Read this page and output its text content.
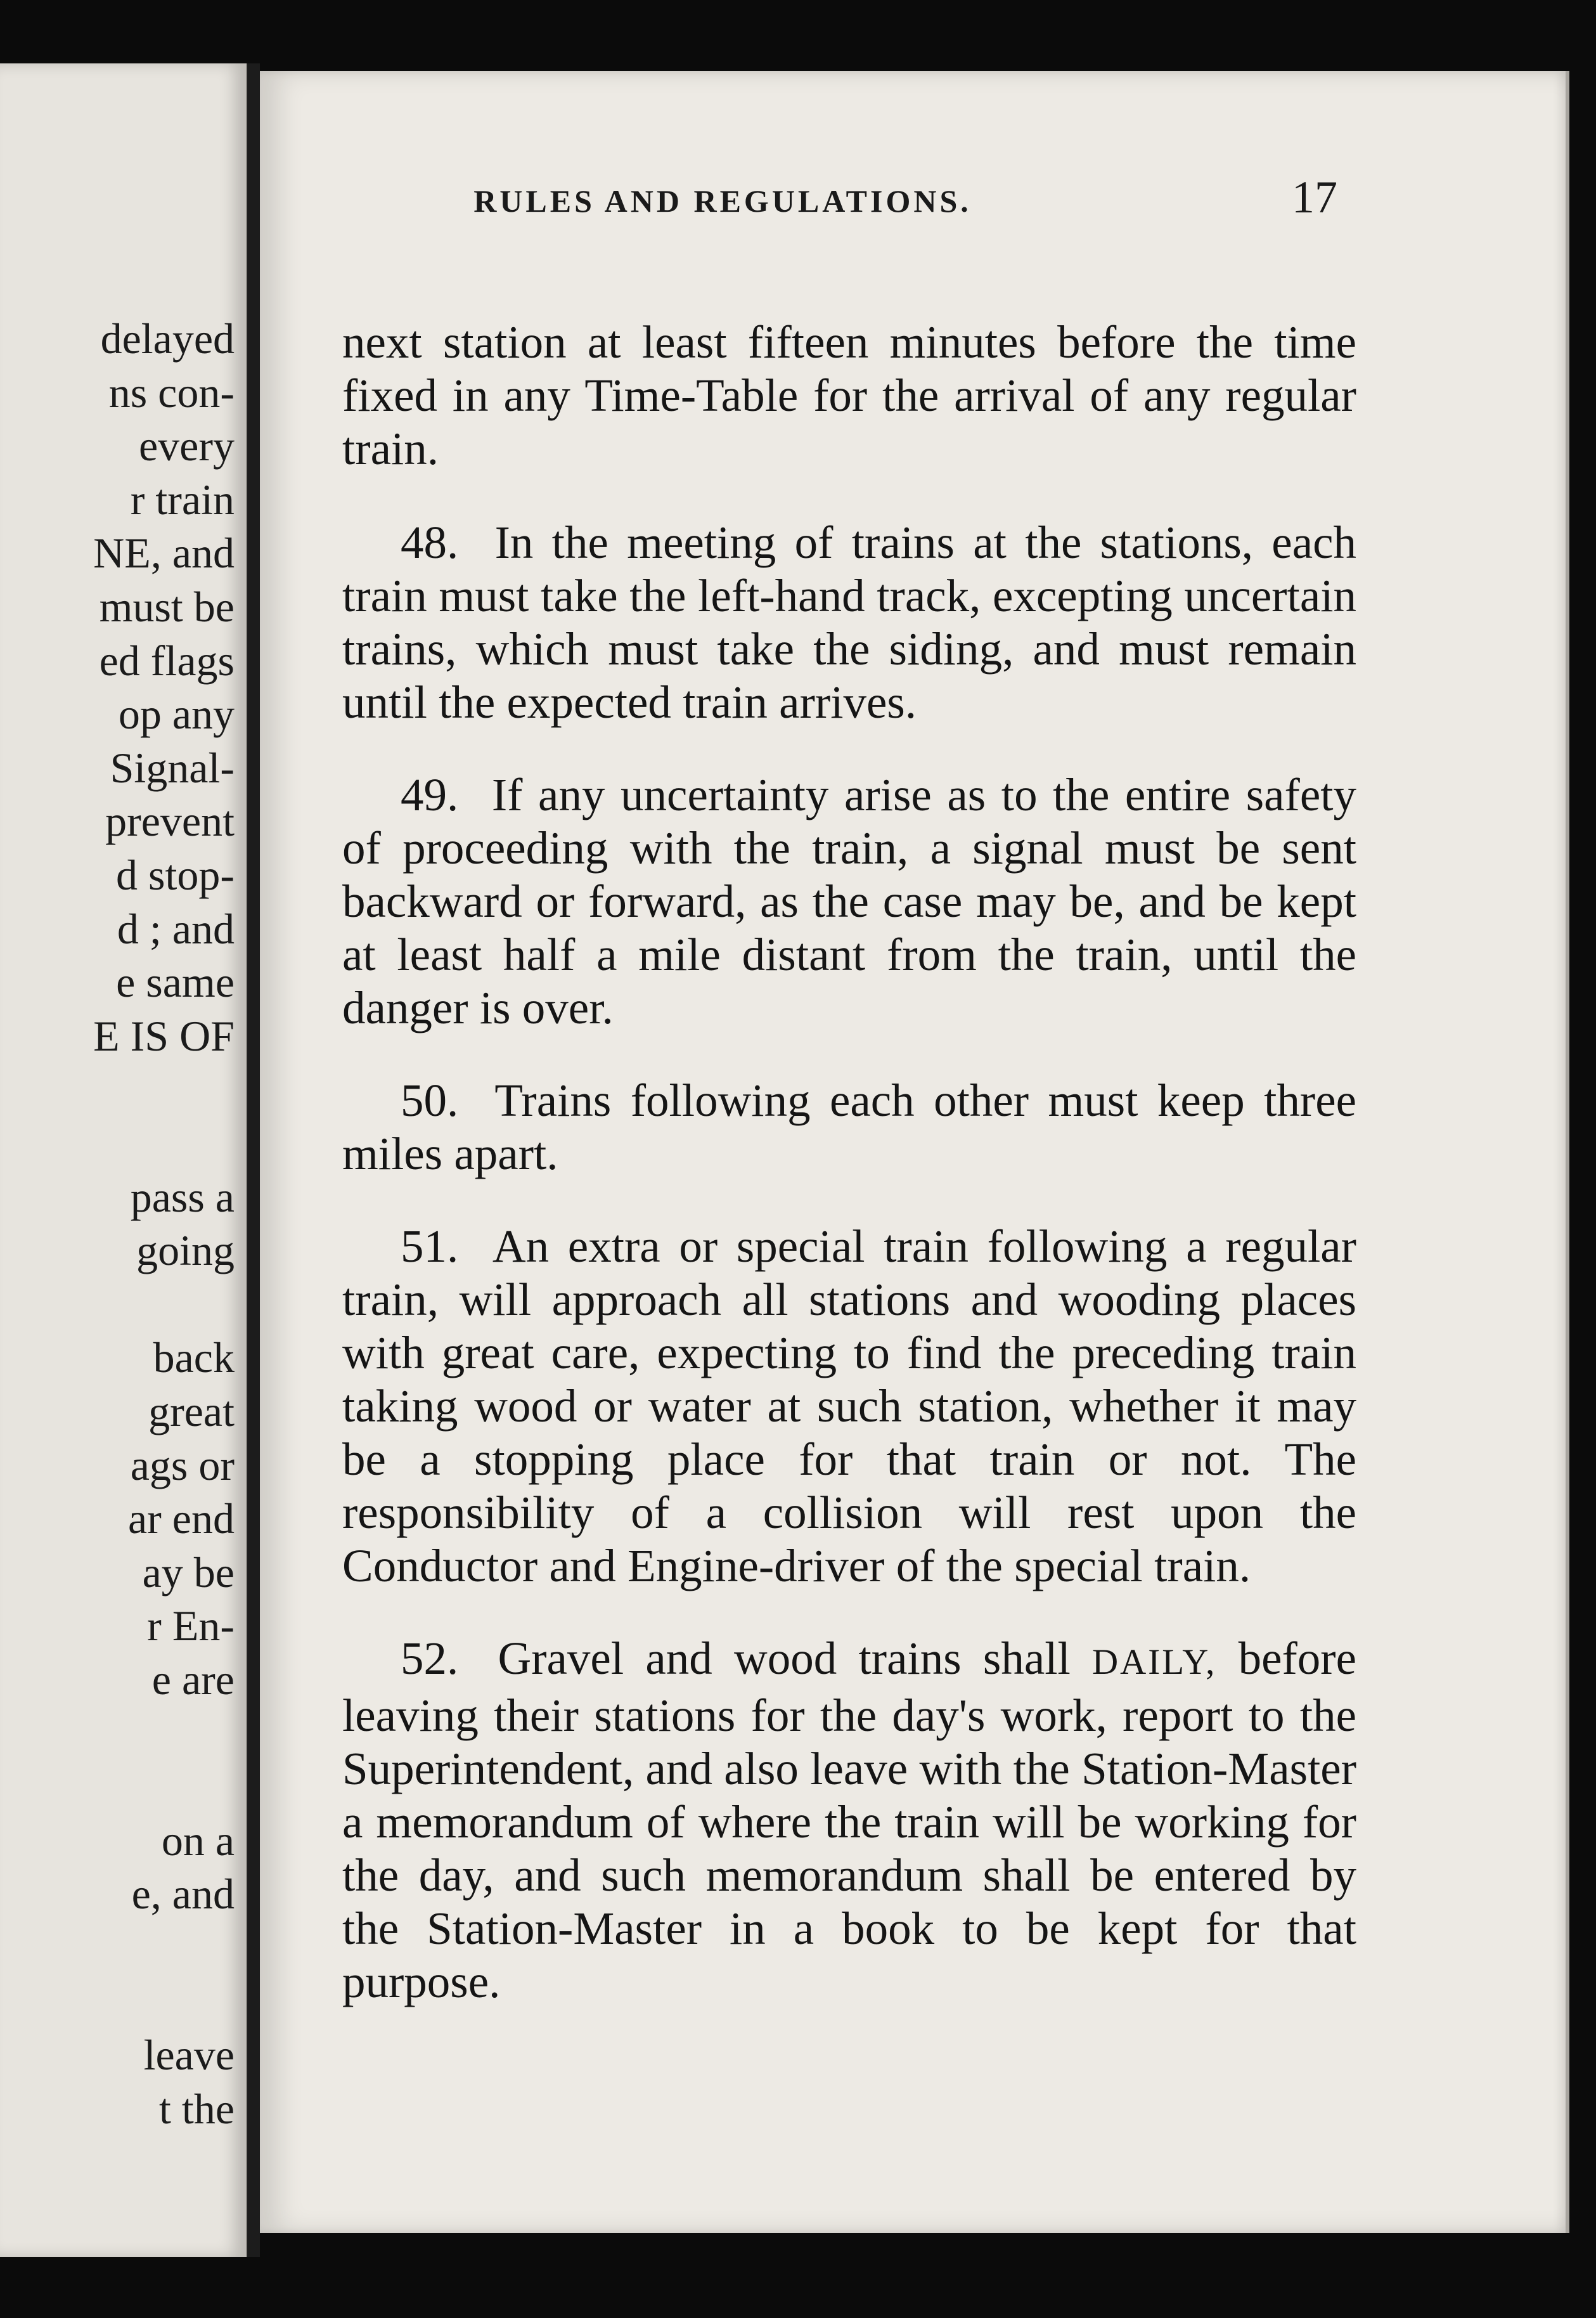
delayed
ns con-
every
r train
NE, and
must be
ed flags
op any
Signal-
prevent
d stop-
d ; and
e same
E IS OF
pass a
going
back
great
ags or
ar end
ay be
r En-
e are
on a
e, and
leave
t the
RULES AND REGULATIONS.	17

next station at least fifteen minutes before the time fixed in any Time-Table for the arrival of any regular train.

48. In the meeting of trains at the stations, each train must take the left-hand track, excepting uncertain trains, which must take the siding, and must remain until the expected train arrives.

49. If any uncertainty arise as to the entire safety of proceeding with the train, a signal must be sent backward or forward, as the case may be, and be kept at least half a mile distant from the train, until the danger is over.

50. Trains following each other must keep three miles apart.

51. An extra or special train following a regular train, will approach all stations and wooding places with great care, expecting to find the preceding train taking wood or water at such station, whether it may be a stopping place for that train or not. The responsibility of a collision will rest upon the Conductor and Engine-driver of the special train.

52. Gravel and wood trains shall DAILY, before leaving their stations for the day's work, report to the Superintendent, and also leave with the Station-Master a memorandum of where the train will be working for the day, and such memorandum shall be entered by the Station-Master in a book to be kept for that purpose.
